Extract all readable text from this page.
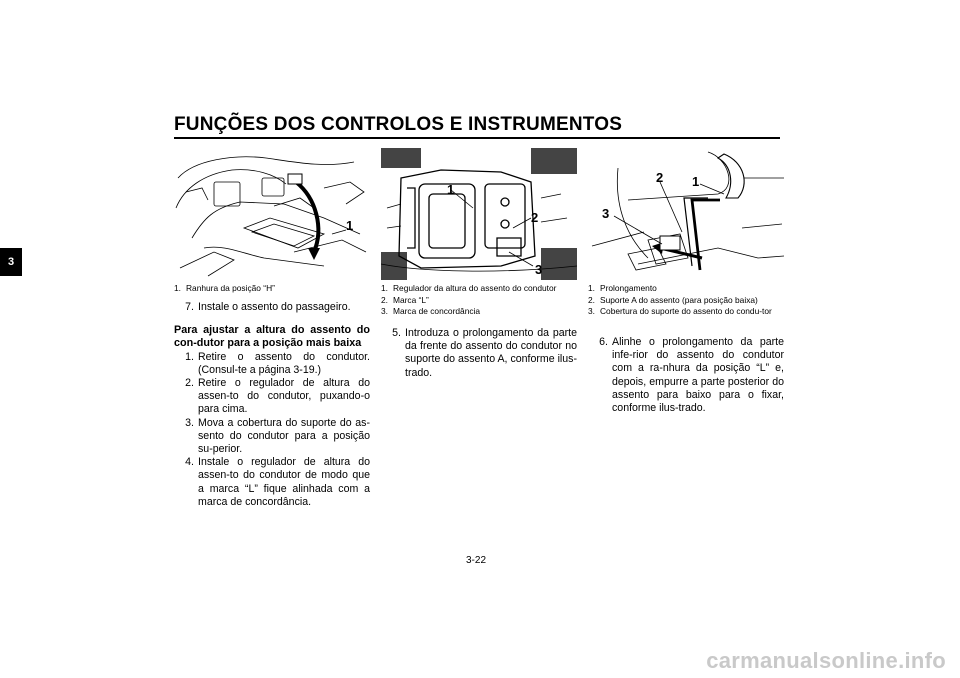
FUNÇÕES DOS CONTROLOS E INSTRUMENTOS
3
1
1. Ranhura da posição “H”
1
2
3
1. Regulador da altura do assento do condutor
2. Marca “L”
3. Marca de concordância
2
3
1
1. Prolongamento
2. Suporte A do assento (para posição baixa)
3. Cobertura do suporte do assento do condu-tor
7. Instale o assento do passageiro.
Para ajustar a altura do assento do con-dutor para a posição mais baixa
1. Retire o assento do condutor. (Consul-te a página 3-19.)
2. Retire o regulador de altura do assen-to do condutor, puxando-o para cima.
3. Mova a cobertura do suporte do as-sento do condutor para a posição su-perior.
4. Instale o regulador de altura do assen-to do condutor de modo que a marca “L” fique alinhada com a marca de concordância.
5. Introduza o prolongamento da parte da frente do assento do condutor no suporte do assento A, conforme ilus-trado.
6. Alinhe o prolongamento da parte infe-rior do assento do condutor com a ra-nhura da posição “L” e, depois, empurre a parte posterior do assento para baixo para o fixar, conforme ilus-trado.
3-22
carmanualsonline.info
